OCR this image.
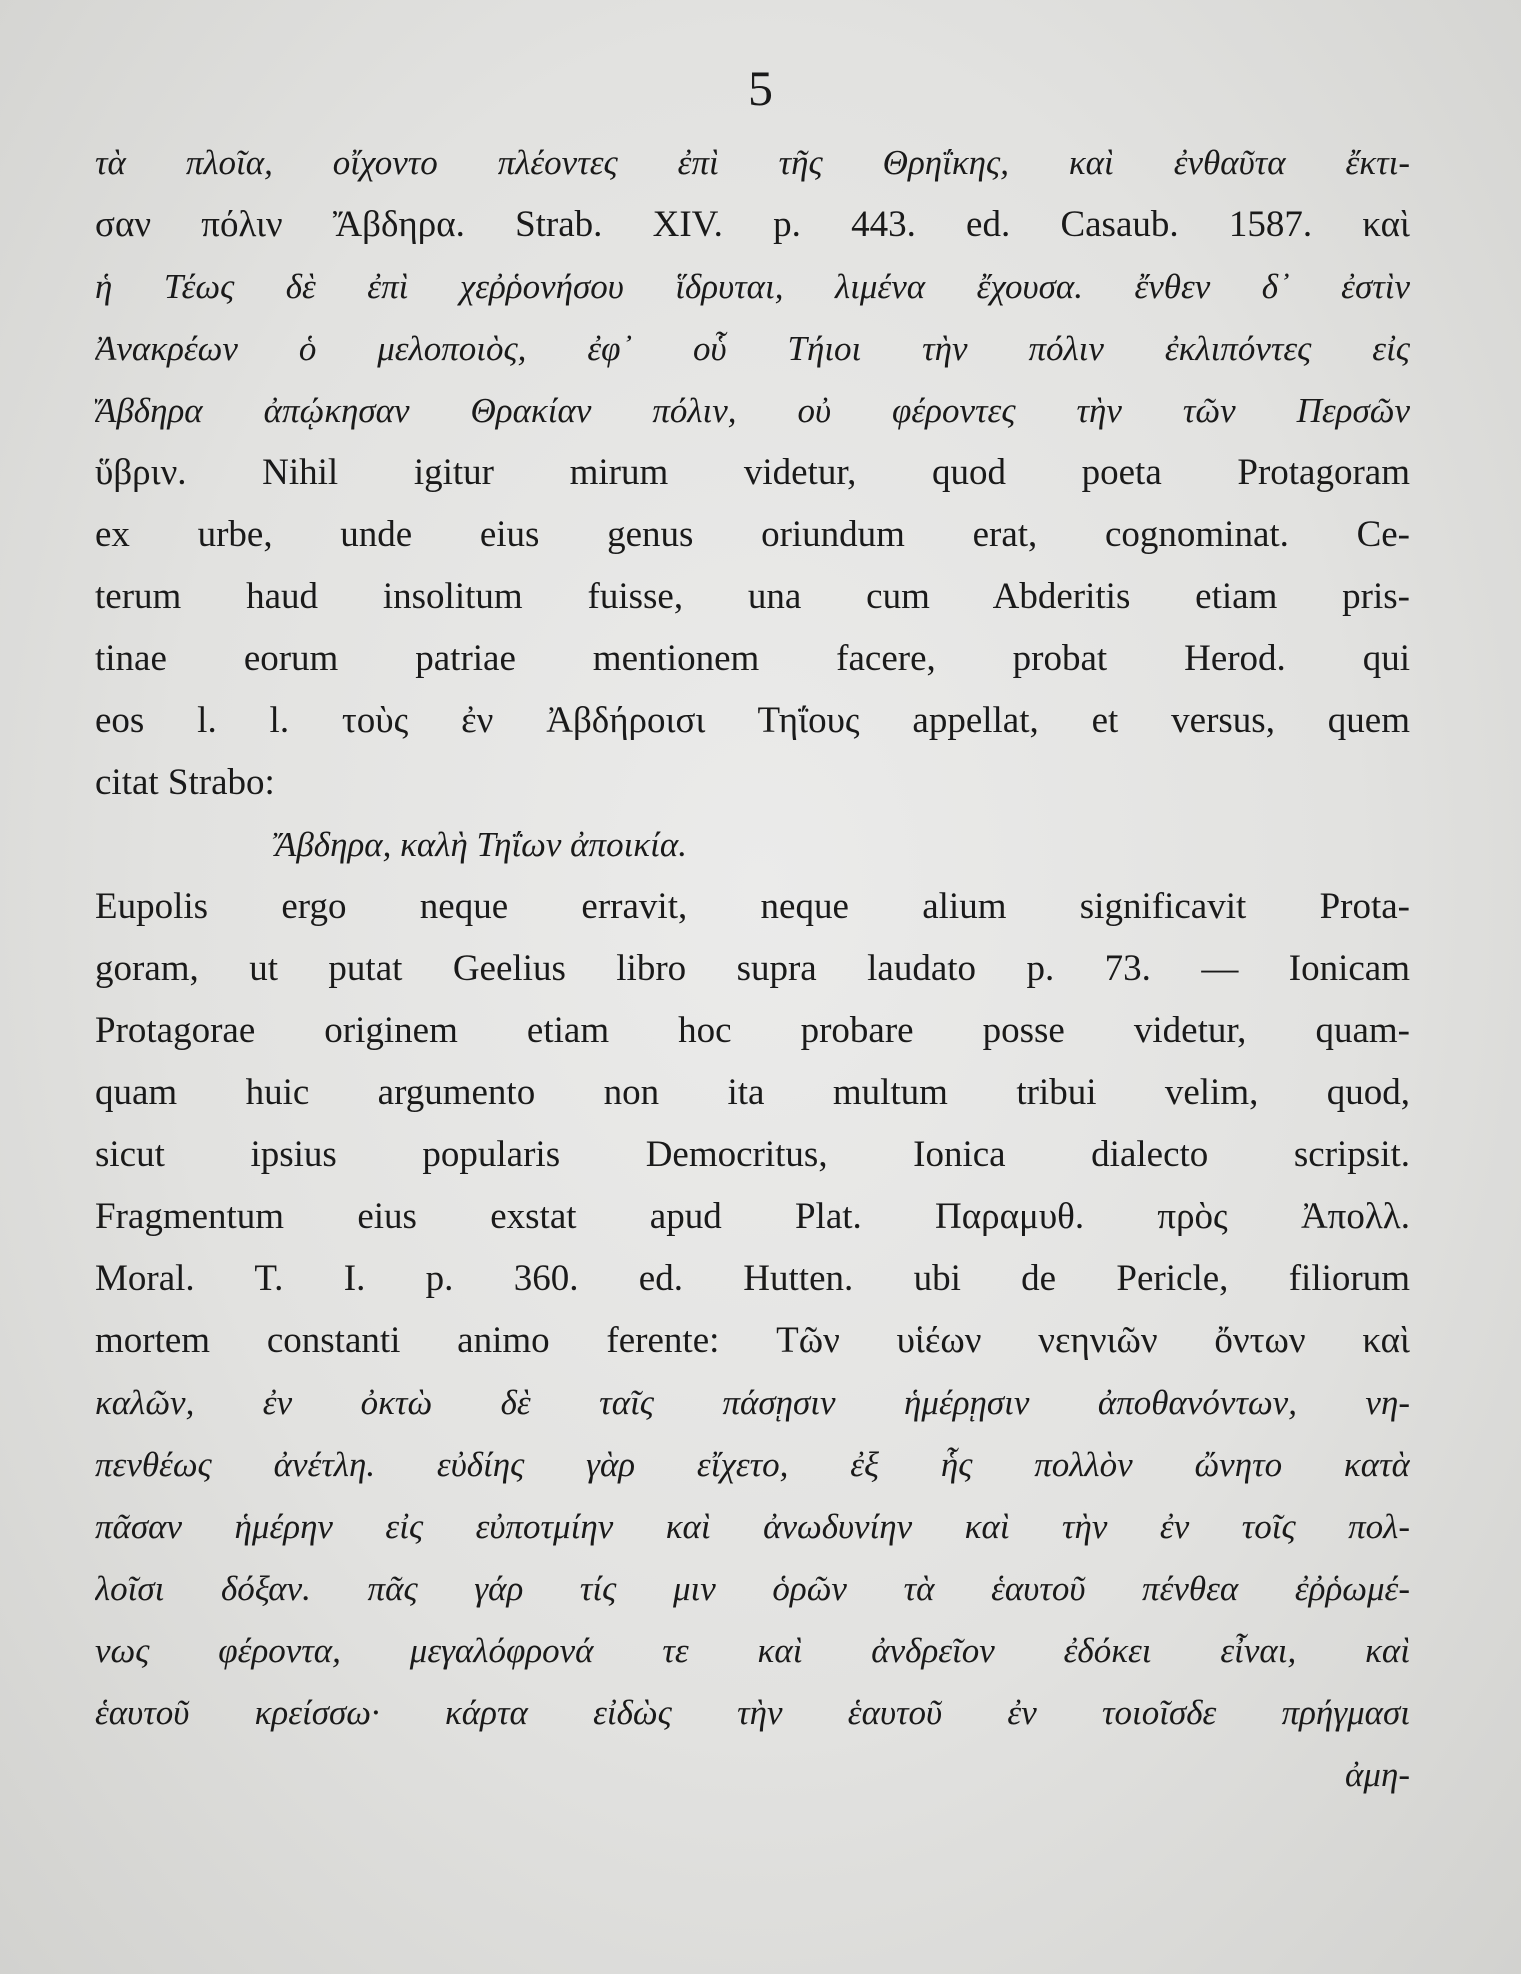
5
τὰ πλοῖα, οἴχοντο πλέοντες ἐπὶ τῆς Θρηΐκης, καὶ ἐνθαῦτα ἔκτι-
σαν πόλιν Ἄβδηρα. Strab. XIV. p. 443. ed. Casaub. 1587. καὶ
ἡ Τέως δὲ ἐπὶ χεῤῥονήσου ἵδρυται, λιμένα ἔχουσα. ἔνθεν δ᾽ ἐστὶν
Ἀνακρέων ὁ μελοποιὸς, ἐφ᾽ οὗ Τήιοι τὴν πόλιν ἐκλιπόντες εἰς
Ἄβδηρα ἀπῴκησαν Θρακίαν πόλιν, οὐ φέροντες τὴν τῶν Περσῶν
ὕβριν. Nihil igitur mirum videtur, quod poeta Protagoram
ex urbe, unde eius genus oriundum erat, cognominat. Ce-
terum haud insolitum fuisse, una cum Abderitis etiam pris-
tinae eorum patriae mentionem facere, probat Herod. qui
eos l. l. τοὺς ἐν Ἀβδήροισι Τηΐους appellat, et versus, quem
citat Strabo:
Ἄβδηρα, καλὴ Τηΐων ἀποικία.
Eupolis ergo neque erravit, neque alium significavit Prota-
goram, ut putat Geelius libro supra laudato p. 73. — Ionicam
Protagorae originem etiam hoc probare posse videtur, quam-
quam huic argumento non ita multum tribui velim, quod,
sicut ipsius popularis Democritus, Ionica dialecto scripsit.
Fragmentum eius exstat apud Plat. Παραμυθ. πρὸς Ἀπολλ.
Moral. T. I. p. 360. ed. Hutten. ubi de Pericle, filiorum
mortem constanti animo ferente: Τῶν υἱέων νεηνιῶν ὄντων καὶ
καλῶν, ἐν ὀκτὼ δὲ ταῖς πάσῃσιν ἡμέρῃσιν ἀποθανόντων, νη-
πενθέως ἀνέτλη. εὐδίης γὰρ εἴχετο, ἐξ ἧς πολλὸν ὤνητο κατὰ
πᾶσαν ἡμέρην εἰς εὐποτμίην καὶ ἀνωδυνίην καὶ τὴν ἐν τοῖς πολ-
λοῖσι δόξαν. πᾶς γάρ τίς μιν ὁρῶν τὰ ἑαυτοῦ πένθεα ἐῤῥωμέ-
νως φέροντα, μεγαλόφρονά τε καὶ ἀνδρεῖον ἐδόκει εἶναι, καὶ
ἑαυτοῦ κρείσσω· κάρτα εἰδὼς τὴν ἑαυτοῦ ἐν τοιοῖσδε πρήγμασι
ἀμη-
